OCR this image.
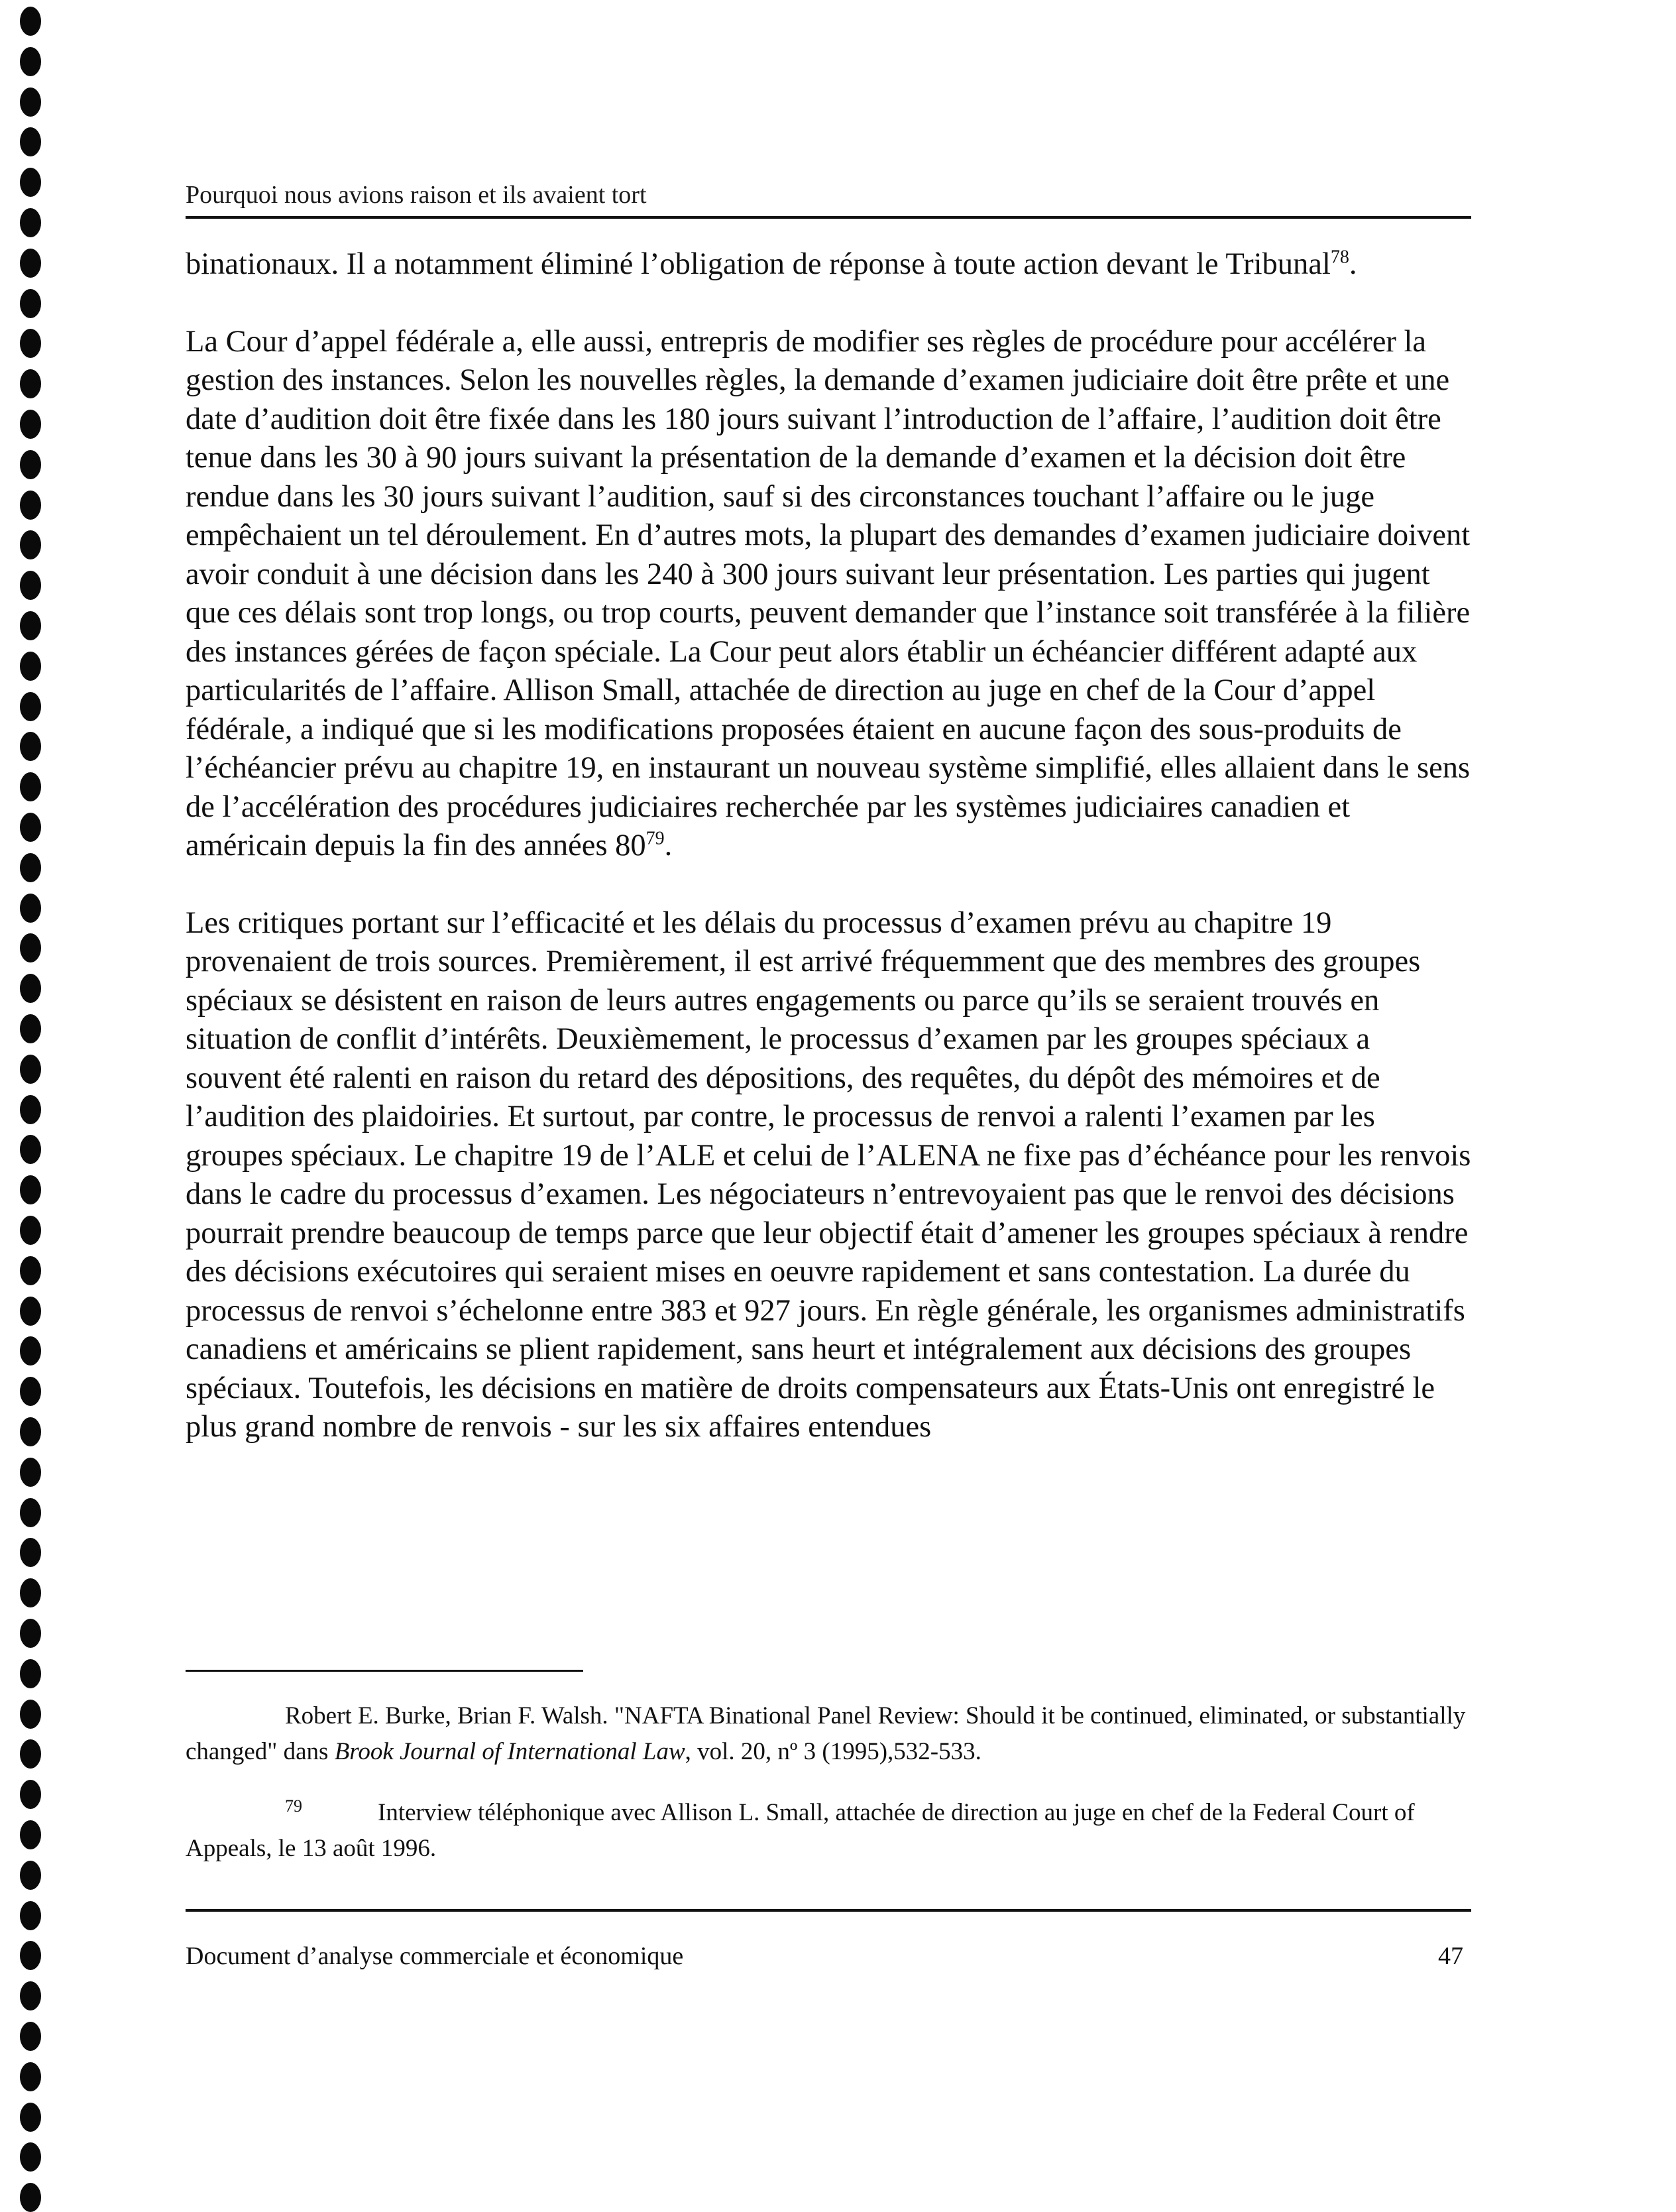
Pourquoi nous avions raison et ils avaient tort

binationaux. Il a notamment éliminé l’obligation de réponse à toute action devant le Tribunal$^{78}$.

La Cour d’appel fédérale a, elle aussi, entrepris de modifier ses règles de procédure pour accélérer la gestion des instances. Selon les nouvelles règles, la demande d’examen judiciaire doit être prête et une date d’audition doit être fixée dans les 180 jours suivant l’introduction de l’affaire, l’audition doit être tenue dans les 30 à 90 jours suivant la présentation de la demande d’examen et la décision doit être rendue dans les 30 jours suivant l’audition, sauf si des circonstances touchant l’affaire ou le juge empêchaient un tel déroulement. En d’autres mots, la plupart des demandes d’examen judiciaire doivent avoir conduit à une décision dans les 240 à 300 jours suivant leur présentation. Les parties qui jugent que ces délais sont trop longs, ou trop courts, peuvent demander que l’instance soit transférée à la filière des instances gérées de façon spéciale. La Cour peut alors établir un échéancier différent adapté aux particularités de l’affaire. Allison Small, attachée de direction au juge en chef de la Cour d’appel fédérale, a indiqué que si les modifications proposées étaient en aucune façon des sous-produits de l’échéancier prévu au chapitre 19, en instaurant un nouveau système simplifié, elles allaient dans le sens de l’accélération des procédures judiciaires recherchée par les systèmes judiciaires canadien et américain depuis la fin des années $80^{79}$.

Les critiques portant sur l’efficacité et les délais du processus d’examen prévu au chapitre 19 provenaient de trois sources. Premièrement, il est arrivé fréquemment que des membres des groupes spéciaux se désistent en raison de leurs autres engagements ou parce qu’ils se seraient trouvés en situation de conflit d’intérêts. Deuxièmement, le processus d’examen par les groupes spéciaux a souvent été ralenti en raison du retard des dépositions, des requêtes, du dépôt des mémoires et de l’audition des plaidoiries. Et surtout, par contre, le processus de renvoi a ralenti l’examen par les groupes spéciaux. Le chapitre 19 de l’ALE et celui de l’ALENA ne fixe pas d’échéance pour les renvois dans le cadre du processus d’examen. Les négociateurs n’entrevoyaient pas que le renvoi des décisions pourrait prendre beaucoup de temps parce que leur objectif était d’amener les groupes spéciaux à rendre des décisions exécutoires qui seraient mises en oeuvre rapidement et sans contestation. La durée du processus de renvoi s’échelonne entre 383 et 927 jours. En règle générale, les organismes administratifs canadiens et américains se plient rapidement, sans heurt et intégralement aux décisions des groupes spéciaux. Toutefois, les décisions en matière de droits compensateurs aux États-Unis ont enregistré le plus grand nombre de renvois - sur les six affaires entendues

Robert E. Burke, Brian F. Walsh. "NAFTA Binational Panel Review: Should it be continued, eliminated, or substantially changed" dans Brook Journal of International Law, vol. 20, nº 3 (1995),532-533.

79	Interview téléphonique avec Allison L. Small, attachée de direction au juge en chef de la Federal Court of Appeals, le 13 août 1996.

Document d’analyse commerciale et économique	47
